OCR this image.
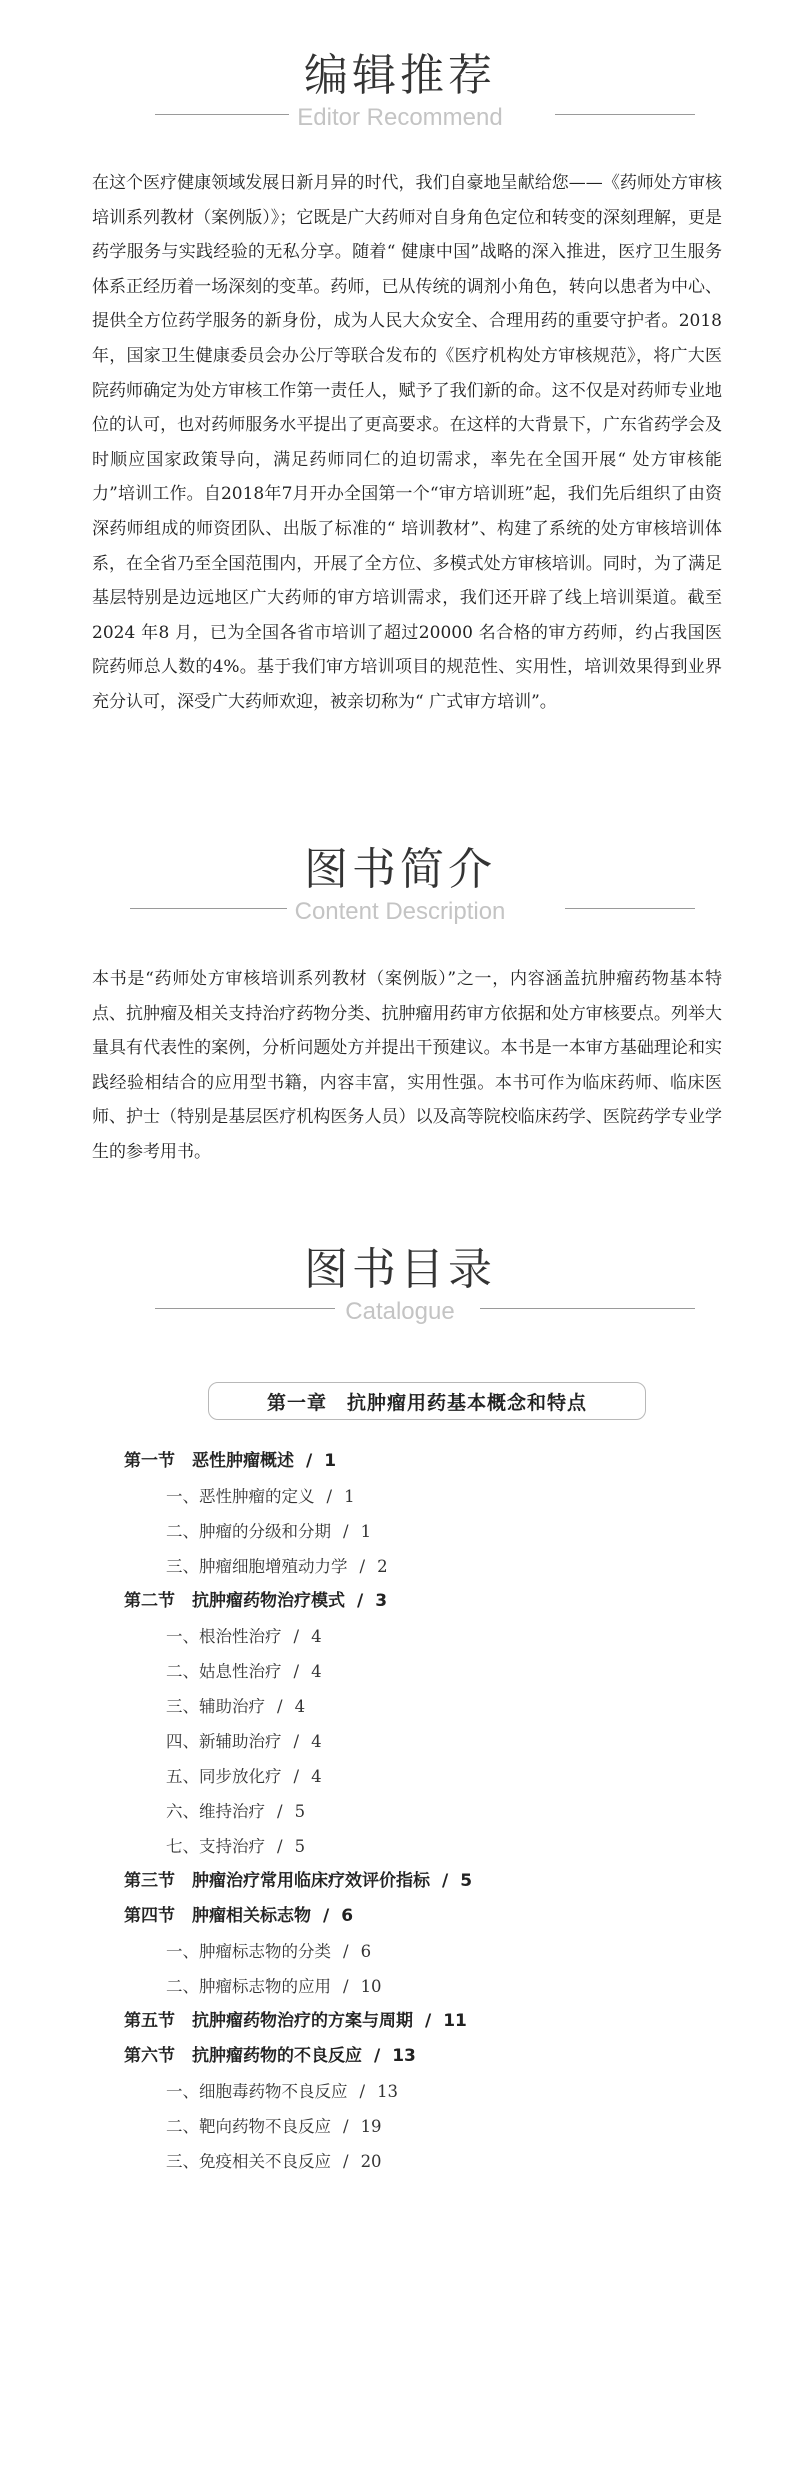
编辑推荐
Editor Recommend
在这个医疗健康领域发展日新月异的时代，我们自豪地呈献给您——《药师处方审核培训系列教材（案例版）》；它既是广大药师对自身角色定位和转变的深刻理解，更是药学服务与实践经验的无私分享。随着“ 健康中国”战略的深入推进，医疗卫生服务体系正经历着一场深刻的变革。药师，已从传统的调剂小角色，转向以患者为中心、提供全方位药学服务的新身份，成为人民大众安全、合理用药的重要守护者。2018 年，国家卫生健康委员会办公厅等联合发布的《医疗机构处方审核规范》，将广大医院药师确定为处方审核工作第一责任人，赋予了我们新的命。这不仅是对药师专业地位的认可，也对药师服务水平提出了更高要求。在这样的大背景下，广东省药学会及时顺应国家政策导向，满足药师同仁的迫切需求，率先在全国开展“ 处方审核能力”培训工作。自2018年7月开办全国第一个“审方培训班”起，我们先后组织了由资深药师组成的师资团队、出版了标准的“ 培训教材”、构建了系统的处方审核培训体系，在全省乃至全国范围内，开展了全方位、多模式处方审核培训。同时，为了满足基层特别是边远地区广大药师的审方培训需求，我们还开辟了线上培训渠道。截至 2024 年8 月，已为全国各省市培训了超过20000 名合格的审方药师，约占我国医院药师总人数的4%。基于我们审方培训项目的规范性、实用性，培训效果得到业界充分认可，深受广大药师欢迎，被亲切称为“ 广式审方培训”。
图书简介
Content Description
本书是“药师处方审核培训系列教材（案例版）”之一，内容涵盖抗肿瘤药物基本特点、抗肿瘤及相关支持治疗药物分类、抗肿瘤用药审方依据和处方审核要点。列举大量具有代表性的案例，分析问题处方并提出干预建议。本书是一本审方基础理论和实践经验相结合的应用型书籍，内容丰富，实用性强。本书可作为临床药师、临床医师、护士（特别是基层医疗机构医务人员）以及高等院校临床药学、医院药学专业学生的参考用书。
图书目录
Catalogue
第一章　抗肿瘤用药基本概念和特点
第一节　恶性肿瘤概述 / 1
一、恶性肿瘤的定义 / 1
二、肿瘤的分级和分期 / 1
三、肿瘤细胞增殖动力学 / 2
第二节　抗肿瘤药物治疗模式 / 3
一、根治性治疗 / 4
二、姑息性治疗 / 4
三、辅助治疗 / 4
四、新辅助治疗 / 4
五、同步放化疗 / 4
六、维持治疗 / 5
七、支持治疗 / 5
第三节　肿瘤治疗常用临床疗效评价指标 / 5
第四节　肿瘤相关标志物 / 6
一、肿瘤标志物的分类 / 6
二、肿瘤标志物的应用 / 10
第五节　抗肿瘤药物治疗的方案与周期 / 11
第六节　抗肿瘤药物的不良反应 / 13
一、细胞毒药物不良反应 / 13
二、靶向药物不良反应 / 19
三、免疫相关不良反应 / 20
